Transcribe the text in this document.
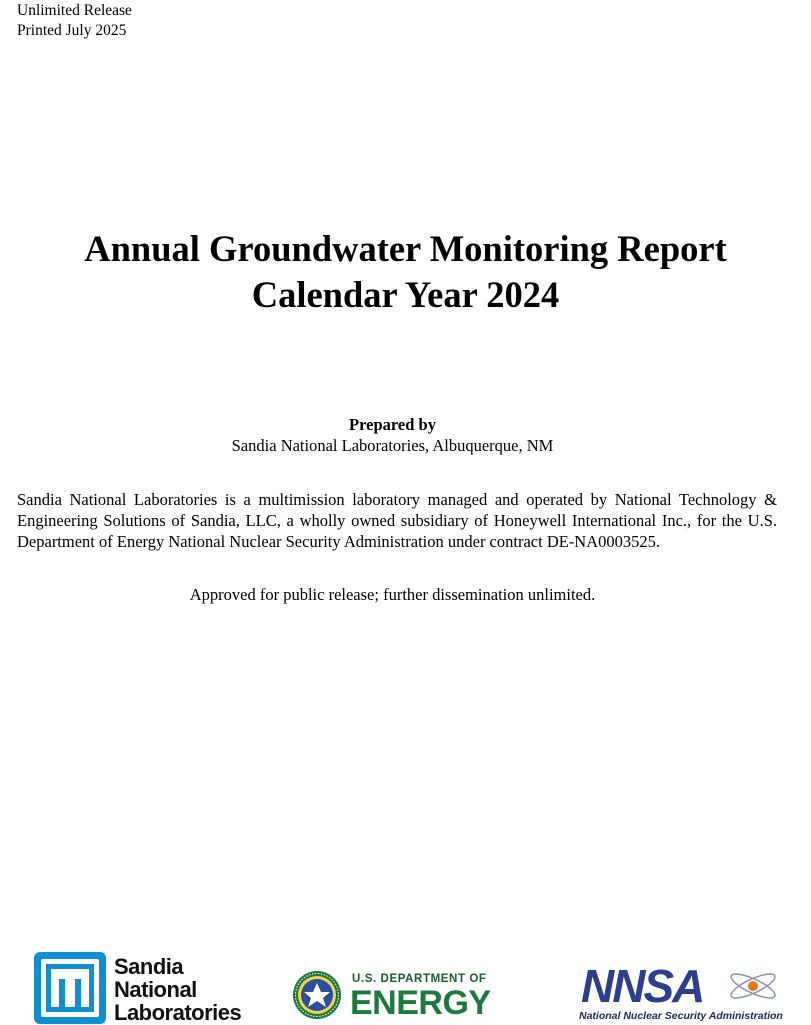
Unlimited Release
Printed July 2025
Annual Groundwater Monitoring Report
Calendar Year 2024
Prepared by
Sandia National Laboratories, Albuquerque, NM
Sandia National Laboratories is a multimission laboratory managed and operated by National Technology & Engineering Solutions of Sandia, LLC, a wholly owned subsidiary of Honeywell International Inc., for the U.S. Department of Energy National Nuclear Security Administration under contract DE-NA0003525.
Approved for public release; further dissemination unlimited.
Sandia
National
Laboratories
U.S. DEPARTMENT OF
ENERGY NNSA
National Nuclear Security Administration
